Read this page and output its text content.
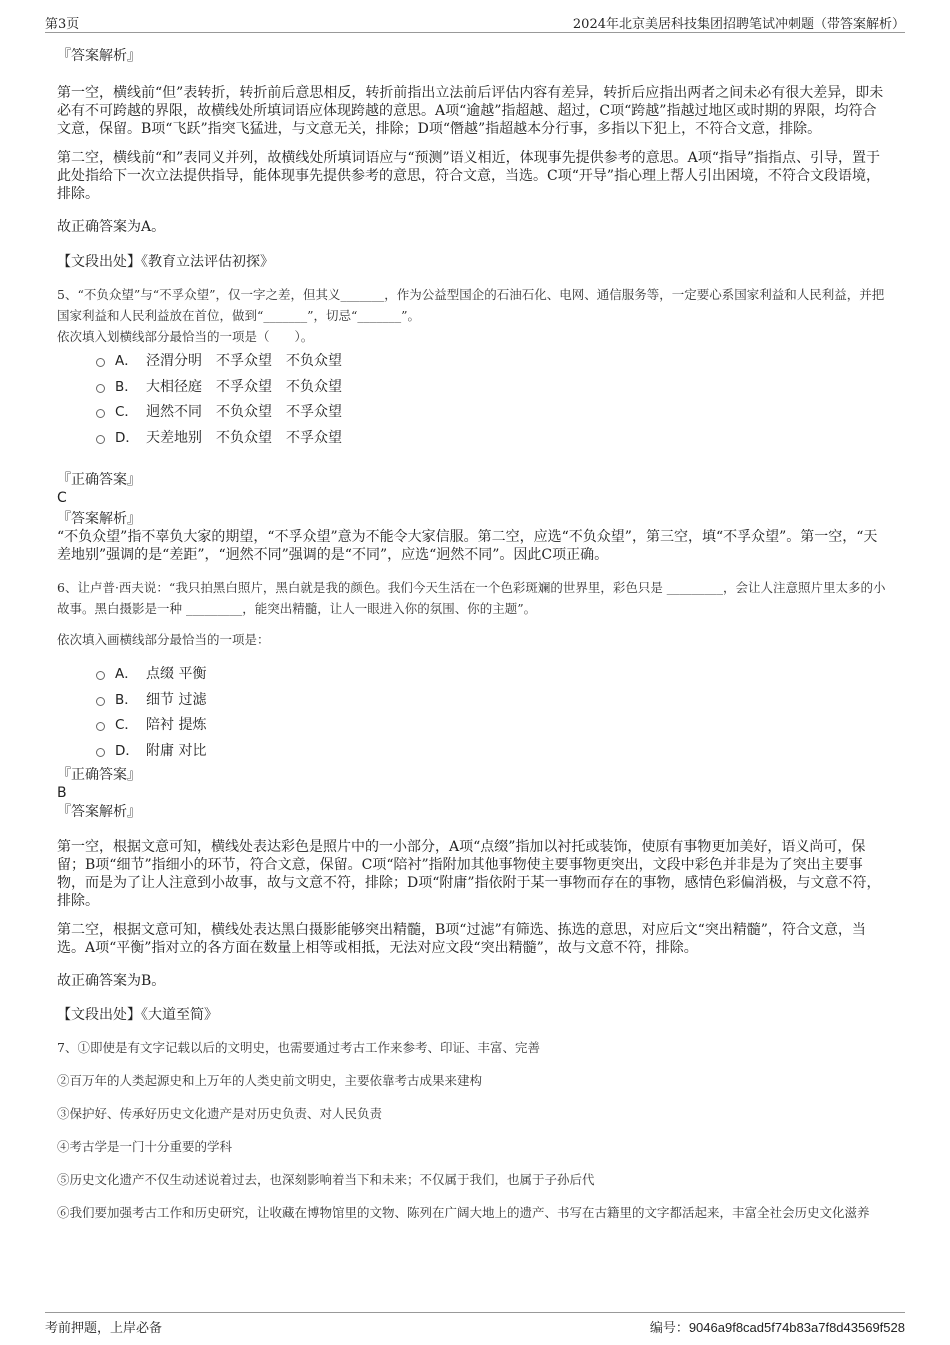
第3页	2024年北京美居科技集团招聘笔试冲刺题（带答案解析）

『答案解析』

第一空，横线前“但”表转折，转折前后意思相反，转折前指出立法前后评估内容有差异，转折后应指出两者之间未必有很大差异，即未必有不可跨越的界限，故横线处所填词语应体现跨越的意思。A项“逾越”指超越、超过，C项“跨越”指越过地区或时期的界限，均符合文意，保留。B项“飞跃”指突飞猛进，与文意无关，排除；D项“僭越”指超越本分行事，多指以下犯上，不符合文意，排除。

第二空，横线前“和”表同义并列，故横线处所填词语应与“预测”语义相近，体现事先提供参考的意思。A项“指导”指指点、引导，置于此处指给下一次立法提供指导，能体现事先提供参考的意思，符合文意，当选。C项“开导”指心理上帮人引出困境，不符合文段语境，排除。

故正确答案为A。

【文段出处】《教育立法评估初探》

5、“不负众望”与“不孚众望”，仅一字之差，但其义_______，作为公益型国企的石油石化、电网、通信服务等，一定要心系国家利益和人民利益，并把国家利益和人民利益放在首位，做到“_______”，切忌“_______”。

依次填入划横线部分最恰当的一项是（　　）。

A． 泾渭分明　不孚众望　不负众望
B． 大相径庭　不孚众望　不负众望
C． 迥然不同　不负众望　不孚众望
D． 天差地别　不负众望　不孚众望

『正确答案』

C

『答案解析』

“不负众望”指不辜负大家的期望，“不孚众望”意为不能令大家信服。第二空，应选“不负众望”，第三空，填“不孚众望”。第一空，“天差地别”强调的是“差距”，“迥然不同”强调的是“不同”，应选“迥然不同”。因此C项正确。

6、让卢普·西夫说：“我只拍黑白照片，黑白就是我的颜色。我们今天生活在一个色彩斑斓的世界里，彩色只是 _________，会让人注意照片里太多的小故事。黑白摄影是一种 _________，能突出精髓，让人一眼进入你的氛围、你的主题”。

依次填入画横线部分最恰当的一项是：

A． 点缀 平衡
B． 细节 过滤
C． 陪衬 提炼
D． 附庸 对比

『正确答案』

B

『答案解析』

第一空，根据文意可知，横线处表达彩色是照片中的一小部分，A项“点缀”指加以衬托或装饰，使原有事物更加美好，语义尚可，保留；B项“细节”指细小的环节，符合文意，保留。C项“陪衬”指附加其他事物使主要事物更突出，文段中彩色并非是为了突出主要事物，而是为了让人注意到小故事，故与文意不符，排除；D项“附庸”指依附于某一事物而存在的事物，感情色彩偏消极，与文意不符，排除。

第二空，根据文意可知，横线处表达黑白摄影能够突出精髓，B项“过滤”有筛选、拣选的意思，对应后文“突出精髓”，符合文意，当选。A项“平衡”指对立的各方面在数量上相等或相抵，无法对应文段“突出精髓”，故与文意不符，排除。

故正确答案为B。

【文段出处】《大道至简》

7、①即使是有文字记载以后的文明史，也需要通过考古工作来参考、印证、丰富、完善

②百万年的人类起源史和上万年的人类史前文明史，主要依靠考古成果来建构

③保护好、传承好历史文化遗产是对历史负责、对人民负责

④考古学是一门十分重要的学科

⑤历史文化遗产不仅生动述说着过去，也深刻影响着当下和未来；不仅属于我们，也属于子孙后代

⑥我们要加强考古工作和历史研究，让收藏在博物馆里的文物、陈列在广阔大地上的遗产、书写在古籍里的文字都活起来，丰富全社会历史文化滋养

考前押题，上岸必备	编号：9046a9f8cad5f74b83a7f8d43569f528
